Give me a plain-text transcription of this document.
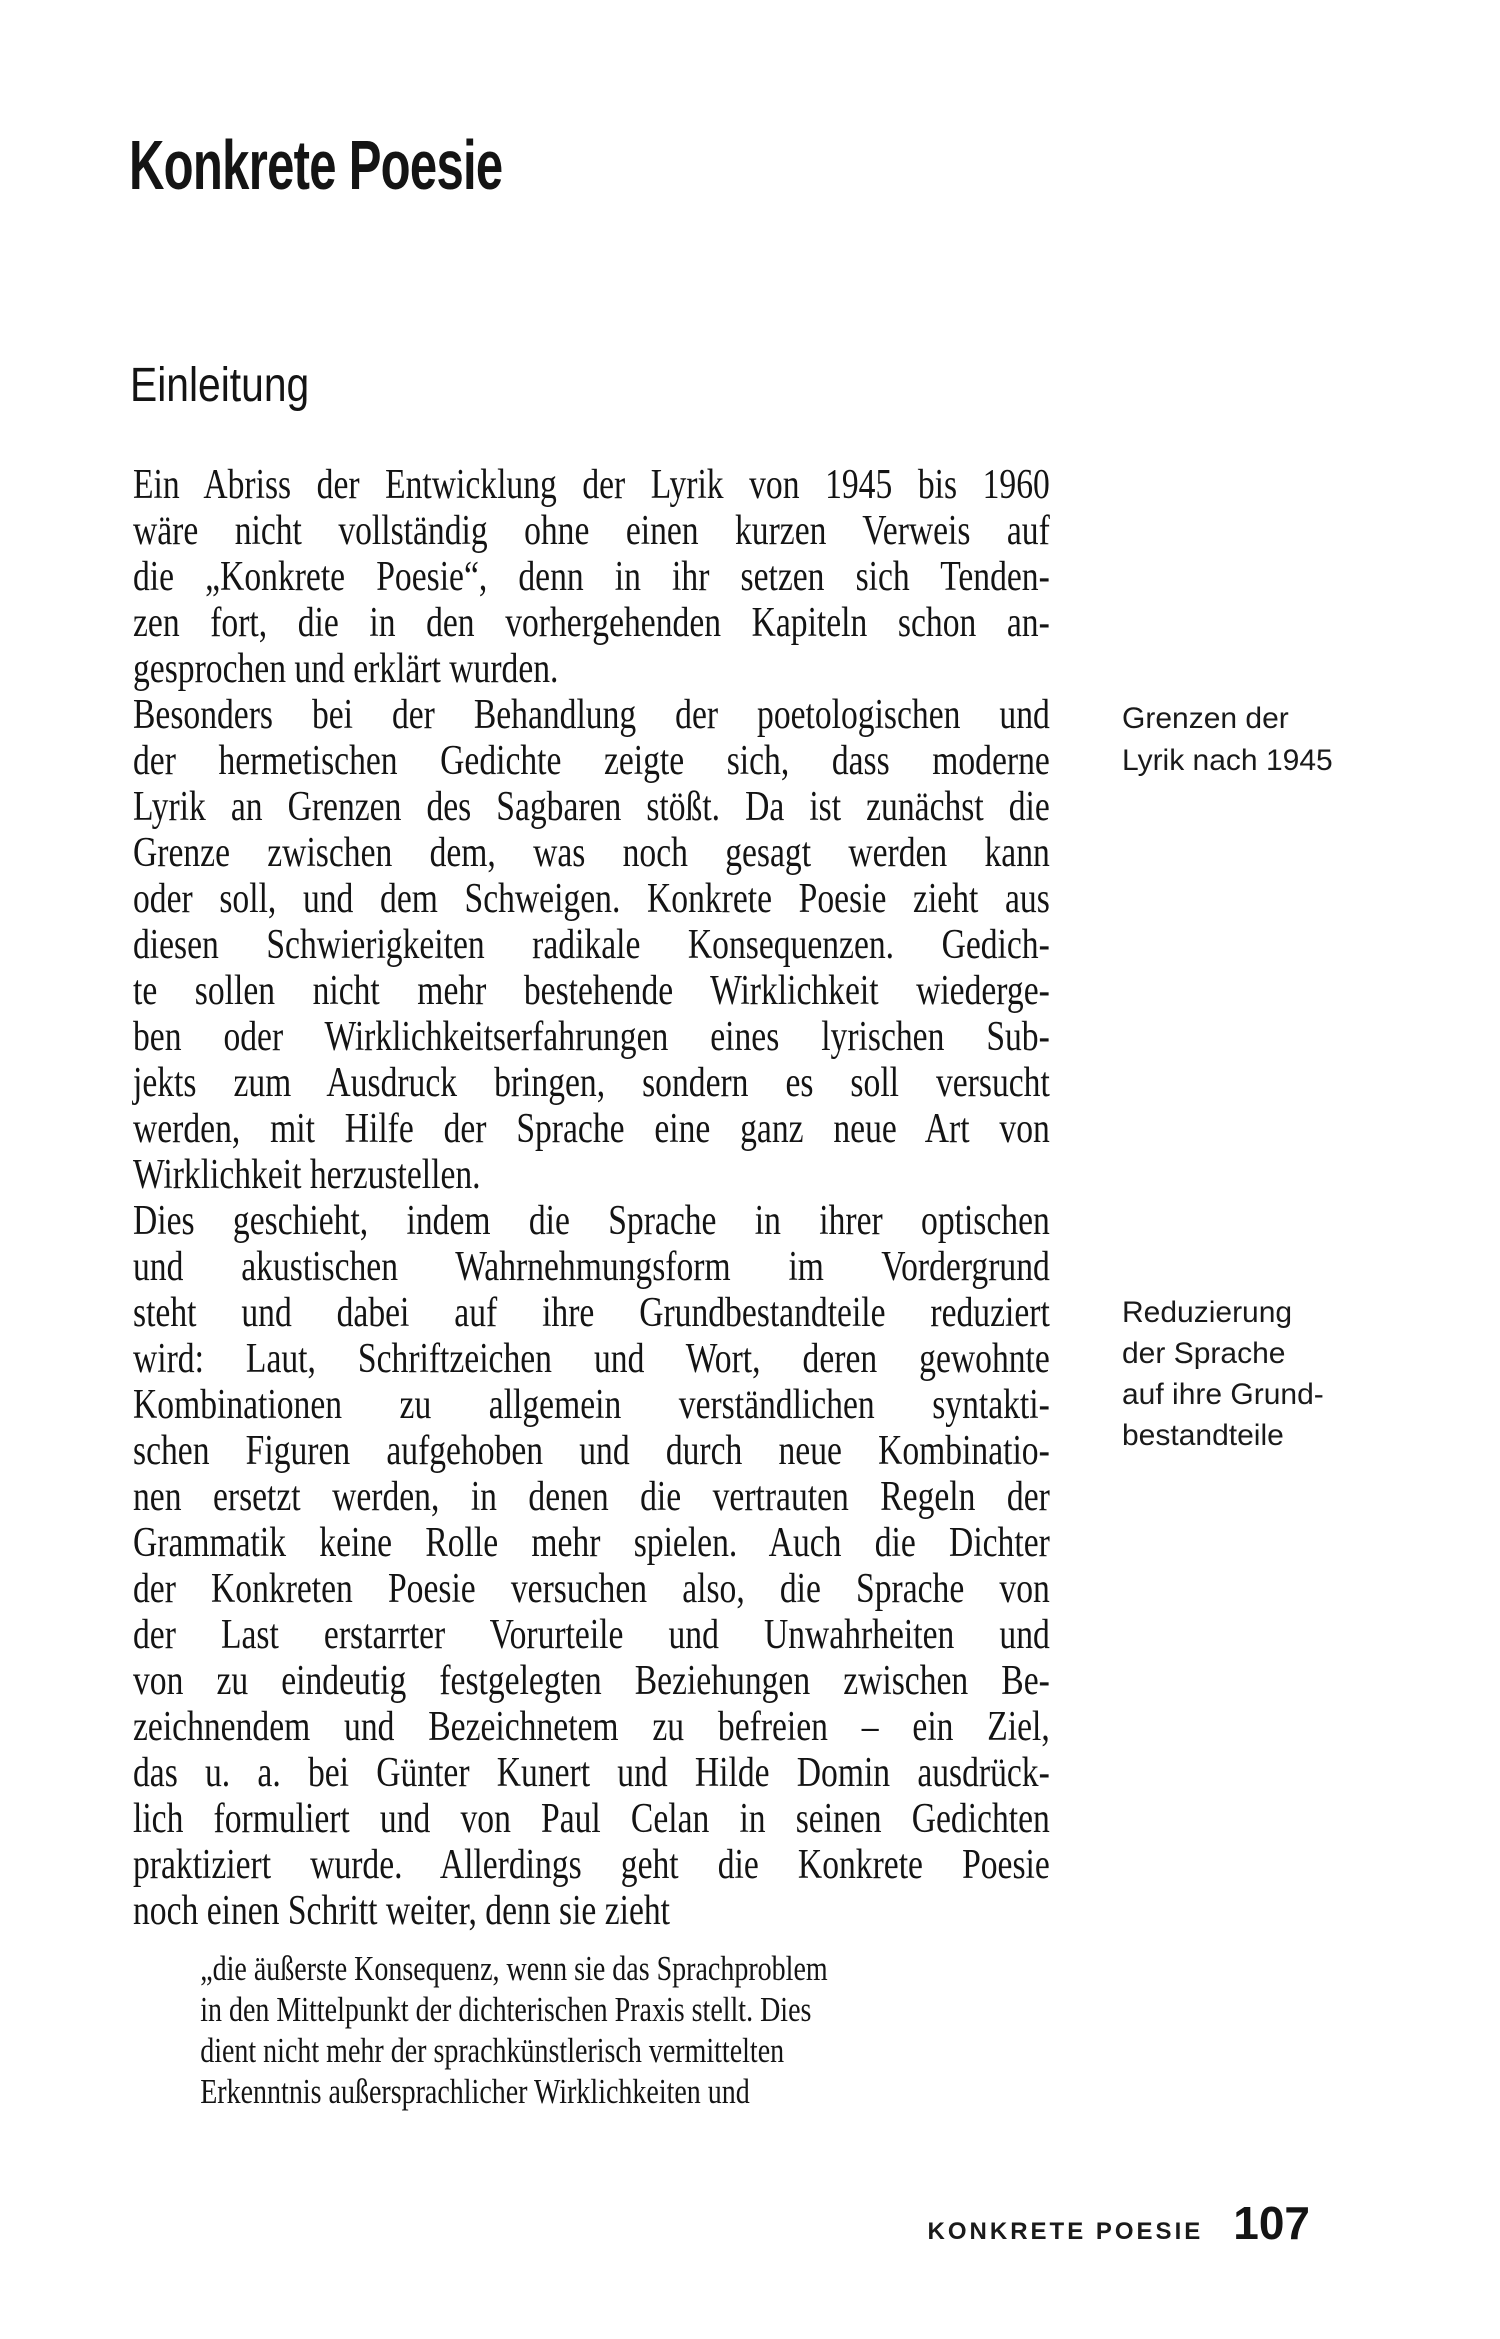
Konkrete Poesie
Einleitung
Ein Abriss der Entwicklung der Lyrik von 1945 bis 1960
wäre nicht vollständig ohne einen kurzen Verweis auf
die „Konkrete Poesie“, denn in ihr setzen sich Tenden-
zen fort, die in den vorhergehenden Kapiteln schon an-
gesprochen und erklärt wurden.
Besonders bei der Behandlung der poetologischen und
der hermetischen Gedichte zeigte sich, dass moderne
Lyrik an Grenzen des Sagbaren stößt. Da ist zunächst die
Grenze zwischen dem, was noch gesagt werden kann
oder soll, und dem Schweigen. Konkrete Poesie zieht aus
diesen Schwierigkeiten radikale Konsequenzen. Gedich-
te sollen nicht mehr bestehende Wirklichkeit wiederge-
ben oder Wirklichkeitserfahrungen eines lyrischen Sub-
jekts zum Ausdruck bringen, sondern es soll versucht
werden, mit Hilfe der Sprache eine ganz neue Art von
Wirklichkeit herzustellen.
Dies geschieht, indem die Sprache in ihrer optischen
und akustischen Wahrnehmungsform im Vordergrund
steht und dabei auf ihre Grundbestandteile reduziert
wird: Laut, Schriftzeichen und Wort, deren gewohnte
Kombinationen zu allgemein verständlichen syntakti-
schen Figuren aufgehoben und durch neue Kombinatio-
nen ersetzt werden, in denen die vertrauten Regeln der
Grammatik keine Rolle mehr spielen. Auch die Dichter
der Konkreten Poesie versuchen also, die Sprache von
der Last erstarrter Vorurteile und Unwahrheiten und
von zu eindeutig festgelegten Beziehungen zwischen Be-
zeichnendem und Bezeichnetem zu befreien – ein Ziel,
das u. a. bei Günter Kunert und Hilde Domin ausdrück-
lich formuliert und von Paul Celan in seinen Gedichten
praktiziert wurde. Allerdings geht die Konkrete Poesie
noch einen Schritt weiter, denn sie zieht
„die äußerste Konsequenz, wenn sie das Sprachproblem
in den Mittelpunkt der dichterischen Praxis stellt. Dies
dient nicht mehr der sprachkünstlerisch vermittelten
Erkenntnis außersprachlicher Wirklichkeiten und
Grenzen der
Lyrik nach 1945
Reduzierung
der Sprache
auf ihre Grund-
bestandteile
KONKRETE POESIE 107
